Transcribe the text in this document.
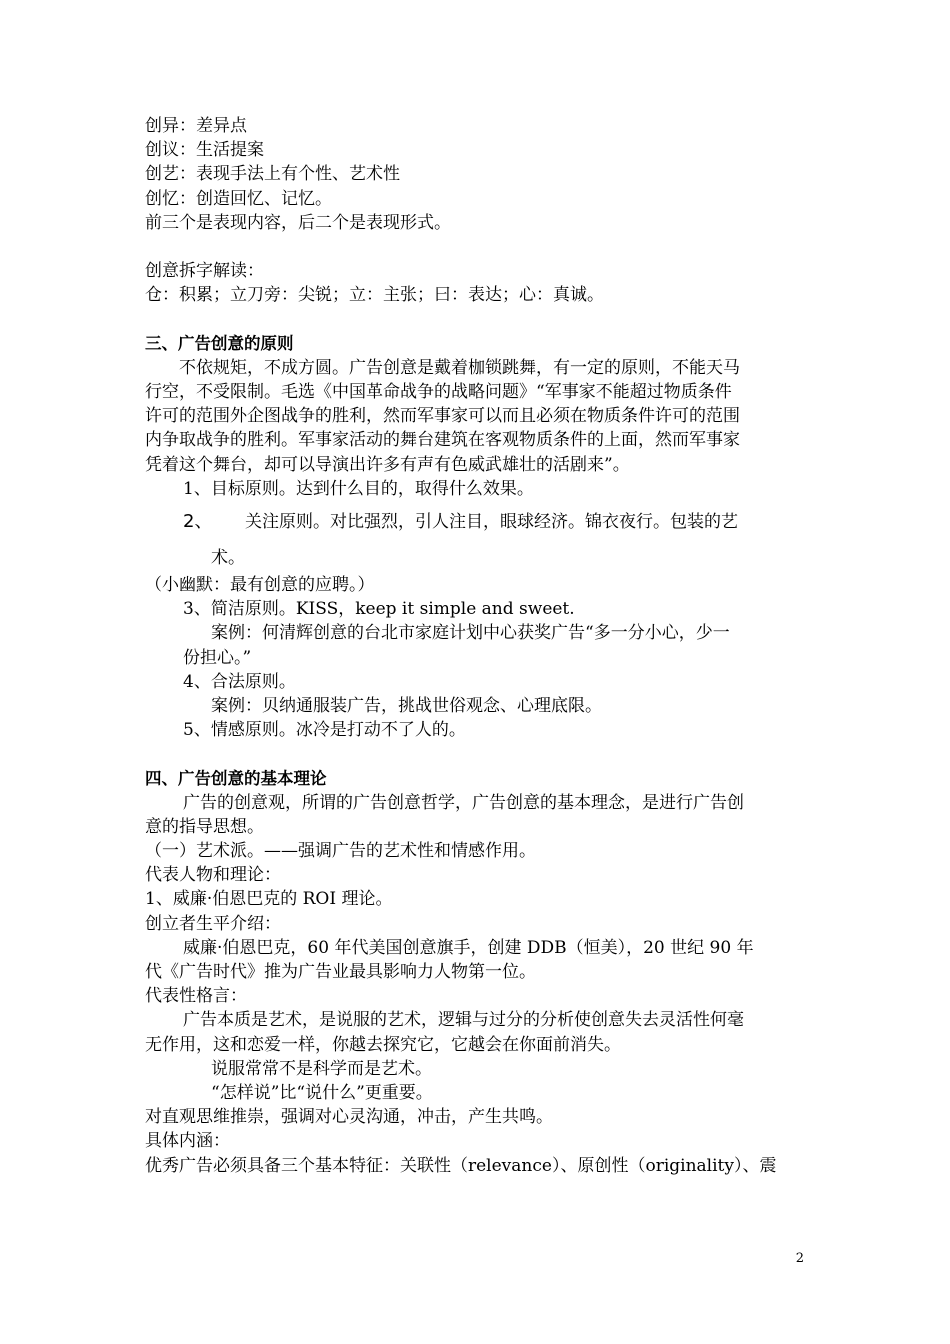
创异：差异点
创议：生活提案
创艺：表现手法上有个性、艺术性
创忆：创造回忆、记忆。
前三个是表现内容，后二个是表现形式。
创意拆字解读：
仓：积累；立刀旁：尖锐；立：主张；曰：表达；心：真诚。
三、广告创意的原则
不依规矩，不成方圆。广告创意是戴着枷锁跳舞，有一定的原则，不能天马
行空，不受限制。毛选《中国革命战争的战略问题》“军事家不能超过物质条件
许可的范围外企图战争的胜利，然而军事家可以而且必须在物质条件许可的范围
内争取战争的胜利。军事家活动的舞台建筑在客观物质条件的上面，然而军事家
凭着这个舞台，却可以导演出许多有声有色威武雄壮的活剧来”。
1、目标原则。达到什么目的，取得什么效果。
2、 关注原则。对比强烈，引人注目，眼球经济。锦衣夜行。包装的艺
术。
（小幽默：最有创意的应聘。）
3、简洁原则。KISS，keep it simple and sweet.
案例：何清辉创意的台北市家庭计划中心获奖广告“多一分小心，少一
份担心。”
4、合法原则。
案例：贝纳通服装广告，挑战世俗观念、心理底限。
5、情感原则。冰冷是打动不了人的。
四、广告创意的基本理论
广告的创意观，所谓的广告创意哲学，广告创意的基本理念，是进行广告创
意的指导思想。
（一）艺术派。——强调广告的艺术性和情感作用。
代表人物和理论：
1、威廉·伯恩巴克的 ROI 理论。
创立者生平介绍：
威廉·伯恩巴克，60 年代美国创意旗手，创建 DDB（恒美），20 世纪 90 年
代《广告时代》推为广告业最具影响力人物第一位。
代表性格言：
广告本质是艺术，是说服的艺术，逻辑与过分的分析使创意失去灵活性何毫
无作用，这和恋爱一样，你越去探究它，它越会在你面前消失。
说服常常不是科学而是艺术。
“怎样说”比“说什么”更重要。
对直观思维推崇，强调对心灵沟通，冲击，产生共鸣。
具体内涵：
优秀广告必须具备三个基本特征：关联性（relevance）、原创性（originality）、震
2
